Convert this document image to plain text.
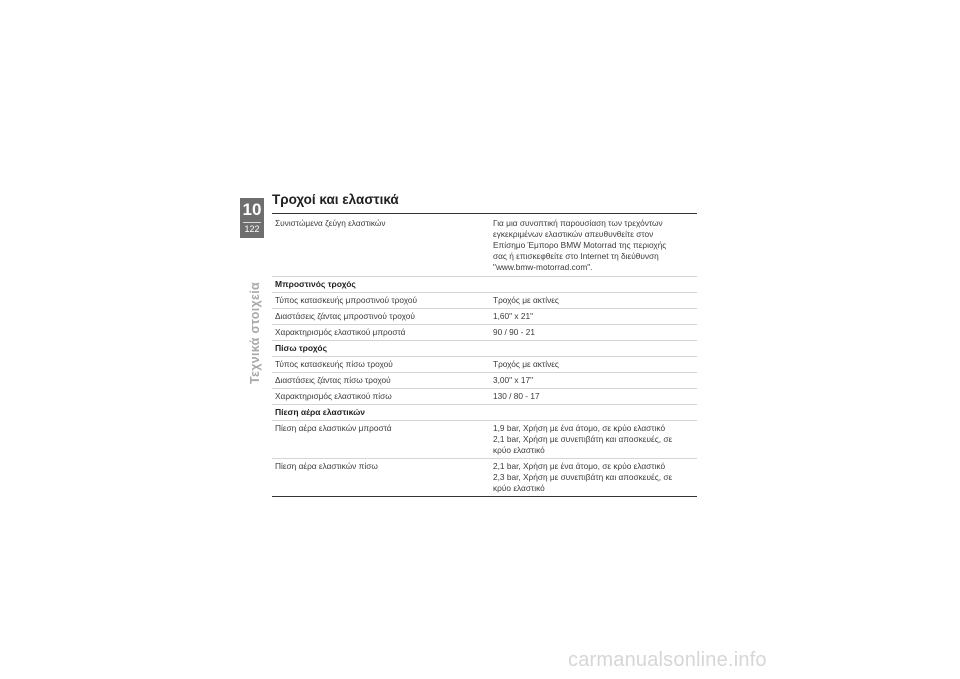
10
122
Τεχνικά στοιχεία
Τροχοί και ελαστικά
Συνιστώμενα ζεύγη ελαστικών	Για μια συνοπτική παρουσίαση των τρεχόντων
εγκεκριμένων ελαστικών απευθυνθείτε στον
Επίσημο Έμπορο BMW Motorrad της περιοχής
σας ή επισκεφθείτε στο Internet τη διεύθυνση
"www.bmw-motorrad.com".
Μπροστινός τροχός
Τύπος κατασκευής μπροστινού τροχού	Τροχός με ακτίνες
Διαστάσεις ζάντας μπροστινού τροχού	1,60" x 21"
Χαρακτηρισμός ελαστικού μπροστά	90 / 90 - 21
Πίσω τροχός
Τύπος κατασκευής πίσω τροχού	Τροχός με ακτίνες
Διαστάσεις ζάντας πίσω τροχού	3,00" x 17"
Χαρακτηρισμός ελαστικού πίσω	130 / 80 - 17
Πίεση αέρα ελαστικών
Πίεση αέρα ελαστικών μπροστά	1,9 bar, Χρήση με ένα άτομο, σε κρύο ελαστικό
2,1 bar, Χρήση με συνεπιβάτη και αποσκευές, σε
κρύο ελαστικό
Πίεση αέρα ελαστικών πίσω	2,1 bar, Χρήση με ένα άτομο, σε κρύο ελαστικό
2,3 bar, Χρήση με συνεπιβάτη και αποσκευές, σε
κρύο ελαστικό
carmanualsonline.info
